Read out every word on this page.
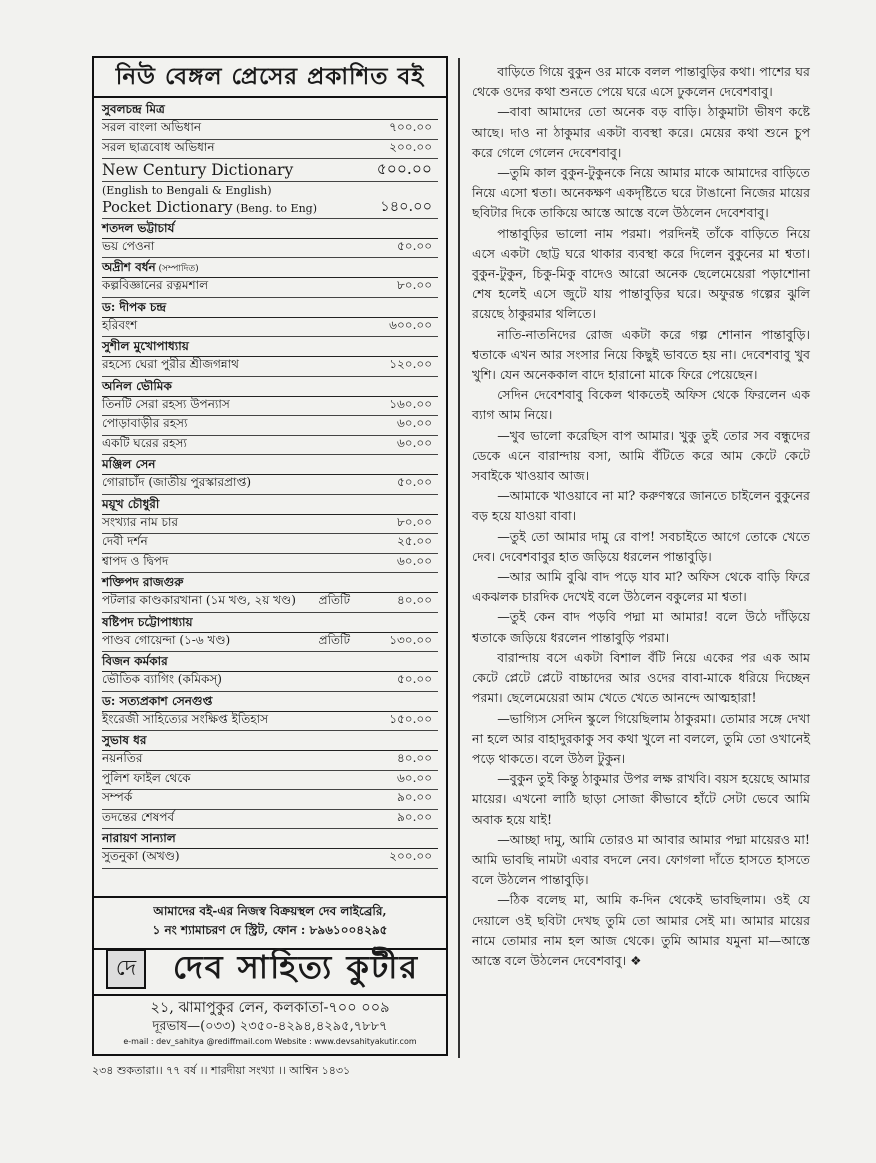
নিউ বেঙ্গল প্রেসের প্রকাশিত বই
সুবলচন্দ্র মিত্র
সরল বাংলা অভিধান	৭০০.০০
সরল ছাত্রবোধ অভিধান	২০০.০০
New Century Dictionary	৫০০.০০
(English to Bengali & English)
Pocket Dictionary (Beng. to Eng)	১৪০.০০
শতদল ভট্টাচার্য
ভয় পেওনা	৫০.০০
অদ্রীশ বর্ধন (সম্পাদিত)
কল্পবিজ্ঞানের রত্নমশাল	৮০.০০
ড: দীপক চন্দ্র
হরিবংশ	৬০০.০০
সুশীল মুখোপাধ্যায়
রহস্যে ঘেরা পুরীর শ্রীজগন্নাথ	১২০.০০
অনিল ভৌমিক
তিনটি সেরা রহস্য উপন্যাস	১৬০.০০
পোড়াবাড়ীর রহস্য	৬০.০০
একটি ঘরের রহস্য	৬০.০০
মঞ্জিল সেন
গোরাচাঁদ (জাতীয় পুরস্কারপ্রাপ্ত)	৫০.০০
ময়ূখ চৌধুরী
সংখ্যার নাম চার	৮০.০০
দেবী দর্শন	২৫.০০
শ্বাপদ ও দ্বিপদ	৬০.০০
শক্তিপদ রাজগুরু
পটলার কাণ্ডকারখানা (১ম খণ্ড, ২য় খণ্ড)	প্রতিটি	৪০.০০
ষষ্টিপদ চট্টোপাধ্যায়
পাণ্ডব গোয়েন্দা (১-৬ খণ্ড)	প্রতিটি	১৩০.০০
বিজন কর্মকার
ভৌতিক ব্যাগিং (কমিকস্)	৫০.০০
ড: সত্যপ্রকাশ সেনগুপ্ত
ইংরেজী সাহিত্যের সংক্ষিপ্ত ইতিহাস	১৫০.০০
সুভাষ ধর
নয়নতির	৪০.০০
পুলিশ ফাইল থেকে	৬০.০০
সম্পর্ক	৯০.০০
তদন্তের শেষপর্ব	৯০.০০
নারায়ণ সান্যাল
সুতনুকা (অখণ্ড)	২০০.০০
আমাদের বই-এর নিজস্ব বিক্রয়স্থল দেব লাইব্রেরি,
১ নং শ্যামাচরণ দে স্ট্রিট, ফোন : ৮৯৬১০০৪২৯৫
দে	দেব সাহিত্য কুটীর
২১, ঝামাপুকুর লেন, কলকাতা-৭০০ ০০৯
দূরভাষ—(০৩৩) ২৩৫০-৪২৯৪,৪২৯৫,৭৮৮৭
e-mail : dev_sahitya @rediffmail.com Website : www.devsahityakutir.com
২৩৪ শুকতারা।। ৭৭ বর্ষ ।। শারদীয়া সংখ্যা ।। আশ্বিন ১৪৩১

বাড়িতে গিয়ে বুকুন ওর মাকে বলল পান্তাবুড়ির কথা। পাশের ঘর থেকে ওদের কথা শুনতে পেয়ে ঘরে এসে ঢুকলেন দেবেশবাবু।

—বাবা আমাদের তো অনেক বড় বাড়ি। ঠাকুমাটা ভীষণ কষ্টে আছে। দাও না ঠাকুমার একটা ব্যবস্থা করে। মেয়ের কথা শুনে চুপ করে গেলে গেলেন দেবেশবাবু।

—তুমি কাল বুকুন-টুকুনকে নিয়ে আমার মাকে আমাদের বাড়িতে নিয়ে এসো শ্বতা। অনেকক্ষণ একদৃষ্টিতে ঘরে টাঙানো নিজের মায়ের ছবিটার দিকে তাকিয়ে আস্তে আস্তে বলে উঠলেন দেবেশবাবু।

পান্তাবুড়ির ভালো নাম পরমা। পরদিনই তাঁকে বাড়িতে নিয়ে এসে একটা ছোট্ট ঘরে থাকার ব্যবস্থা করে দিলেন বুকুনের মা শ্বতা। বুকুন-টুকুন, চিকু-মিকু বাদেও আরো অনেক ছেলেমেয়েরা পড়াশোনা শেষ হলেই এসে জুটে যায় পান্তাবুড়ির ঘরে। অফুরন্ত গল্পের ঝুলি রয়েছে ঠাকুরমার থলিতে।

নাতি-নাতনিদের রোজ একটা করে গল্প শোনান পান্তাবুড়ি। শ্বতাকে এখন আর সংসার নিয়ে কিছুই ভাবতে হয় না। দেবেশবাবু খুব খুশি। যেন অনেককাল বাদে হারানো মাকে ফিরে পেয়েছেন।

সেদিন দেবেশবাবু বিকেল থাকতেই অফিস থেকে ফিরলেন এক ব্যাগ আম নিয়ে।

—খুব ভালো করেছিস বাপ আমার। খুকু তুই তোর সব বন্ধুদের ডেকে এনে বারান্দায় বসা, আমি বঁটিতে করে আম কেটে কেটে সবাইকে খাওয়াব আজ।

—আমাকে খাওয়াবে না মা? করুণস্বরে জানতে চাইলেন বুকুনের বড় হয়ে যাওয়া বাবা।

—তুই তো আমার দামু রে বাপ! সবচাইতে আগে তোকে খেতে দেব। দেবেশবাবুর হাত জড়িয়ে ধরলেন পান্তাবুড়ি।

—আর আমি বুঝি বাদ পড়ে যাব মা? অফিস থেকে বাড়ি ফিরে একঝলক চারদিক দেখেই বলে উঠলেন বকুলের মা শ্বতা।

—তুই কেন বাদ পড়বি পদ্মা মা আমার! বলে উঠে দাঁড়িয়ে শ্বতাকে জড়িয়ে ধরলেন পান্তাবুড়ি পরমা।

বারান্দায় বসে একটা বিশাল বঁটি নিয়ে একের পর এক আম কেটে প্লেটে প্লেটে বাচ্চাদের আর ওদের বাবা-মাকে ধরিয়ে দিচ্ছেন পরমা। ছেলেমেয়েরা আম খেতে খেতে আনন্দে আত্মহারা!

—ভাগ্যিস সেদিন স্কুলে গিয়েছিলাম ঠাকুরমা। তোমার সঙ্গে দেখা না হলে আর বাহাদুরকাকু সব কথা খুলে না বললে, তুমি তো ওখানেই পড়ে থাকতে। বলে উঠল টুকুন।

—বুকুন তুই কিন্তু ঠাকুমার উপর লক্ষ রাখবি। বয়স হয়েছে আমার মায়ের। এখনো লাঠি ছাড়া সোজা কীভাবে হাঁটে সেটা ভেবে আমি অবাক হয়ে যাই!

—আচ্ছা দামু, আমি তোরও মা আবার আমার পদ্মা মায়েরও মা! আমি ভাবছি নামটা এবার বদলে নেব। ফোগলা দাঁতে হাসতে হাসতে বলে উঠলেন পান্তাবুড়ি।

—ঠিক বলেছ মা, আমি ক-দিন থেকেই ভাবছিলাম। ওই যে দেয়ালে ওই ছবিটা দেখছ তুমি তো আমার সেই মা। আমার মায়ের নামে তোমার নাম হল আজ থেকে। তুমি আমার যমুনা মা—আস্তে আস্তে বলে উঠলেন দেবেশবাবু। ❖
